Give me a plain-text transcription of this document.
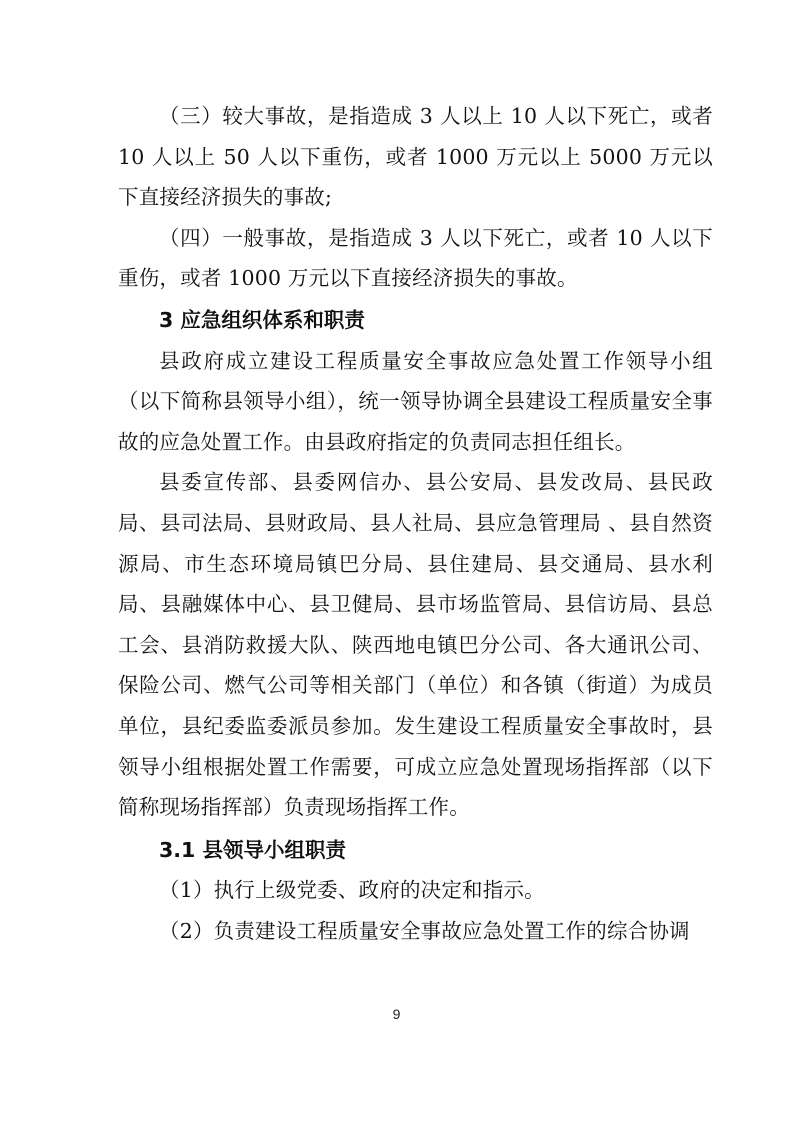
（三）较大事故，是指造成 3 人以上 10 人以下死亡，或者 10 人以上 50 人以下重伤，或者 1000 万元以上 5000 万元以下直接经济损失的事故;

（四）一般事故，是指造成 3 人以下死亡，或者 10 人以下重伤，或者 1000 万元以下直接经济损失的事故。

3 应急组织体系和职责

县政府成立建设工程质量安全事故应急处置工作领导小组（以下简称县领导小组），统一领导协调全县建设工程质量安全事故的应急处置工作。由县政府指定的负责同志担任组长。

县委宣传部、县委网信办、县公安局、县发改局、县民政局、县司法局、县财政局、县人社局、县应急管理局 、县自然资源局、市生态环境局镇巴分局、县住建局、县交通局、县水利局、县融媒体中心、县卫健局、县市场监管局、县信访局、县总工会、县消防救援大队、陕西地电镇巴分公司、各大通讯公司、保险公司、燃气公司等相关部门（单位）和各镇（街道）为成员单位，县纪委监委派员参加。发生建设工程质量安全事故时，县领导小组根据处置工作需要，可成立应急处置现场指挥部（以下简称现场指挥部）负责现场指挥工作。

3.1 县领导小组职责

（1）执行上级党委、政府的决定和指示。

（2）负责建设工程质量安全事故应急处置工作的综合协调

9
